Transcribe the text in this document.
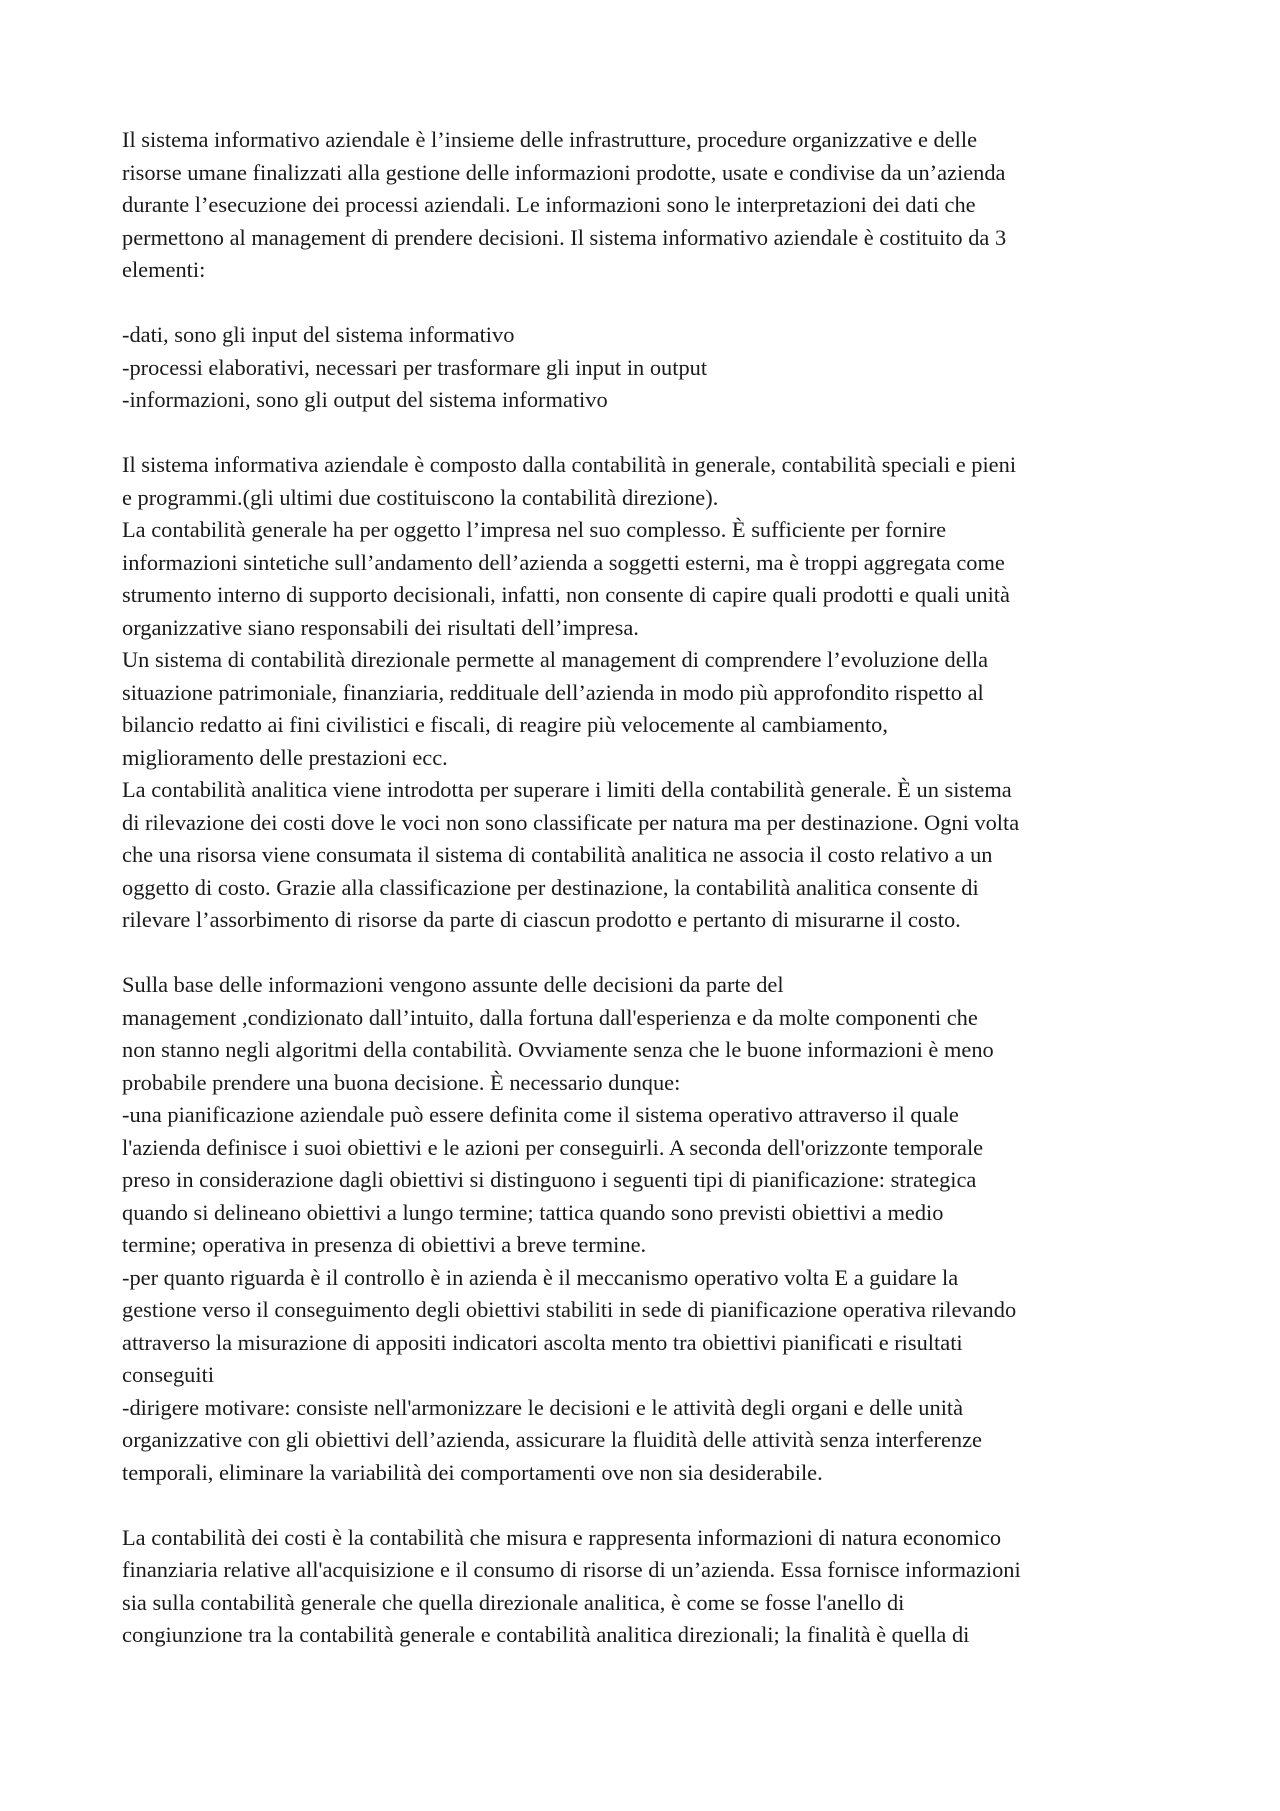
Il sistema informativo aziendale è l’insieme delle infrastrutture, procedure organizzative e delle
risorse umane finalizzati alla gestione delle informazioni prodotte, usate e condivise da un’azienda
durante l’esecuzione dei processi aziendali. Le informazioni sono le interpretazioni dei dati che
permettono al management di prendere decisioni. Il sistema informativo aziendale è costituito da 3
elementi:
-dati, sono gli input del sistema informativo
-processi elaborativi, necessari per trasformare gli input in output
-informazioni, sono gli output del sistema informativo
Il sistema informativa aziendale è composto dalla contabilità in generale, contabilità speciali e pieni
e programmi.(gli ultimi due costituiscono la contabilità direzione).
La contabilità generale ha per oggetto l’impresa nel suo complesso. È sufficiente per fornire
informazioni sintetiche sull’andamento dell’azienda a soggetti esterni, ma è troppi aggregata come
strumento interno di supporto decisionali, infatti, non consente di capire quali prodotti e quali unità
organizzative siano responsabili dei risultati dell’impresa.
Un sistema di contabilità direzionale permette al management di comprendere l’evoluzione della
situazione patrimoniale, finanziaria, reddituale dell’azienda in modo più approfondito rispetto al
bilancio redatto ai fini civilistici e fiscali, di reagire più velocemente al cambiamento,
miglioramento delle prestazioni ecc.
La contabilità analitica viene introdotta per superare i limiti della contabilità generale. È un sistema
di rilevazione dei costi dove le voci non sono classificate per natura ma per destinazione. Ogni volta
che una risorsa viene consumata il sistema di contabilità analitica ne associa il costo relativo a un
oggetto di costo. Grazie alla classificazione per destinazione, la contabilità analitica consente di
rilevare l’assorbimento di risorse da parte di ciascun prodotto e pertanto di misurarne il costo.
Sulla base delle informazioni vengono assunte delle decisioni da parte del
management ,condizionato dall’intuito, dalla fortuna dall'esperienza e da molte componenti che
non stanno negli algoritmi della contabilità. Ovviamente senza che le buone informazioni è meno
probabile prendere una buona decisione. È necessario dunque:
-una pianificazione aziendale può essere definita come il sistema operativo attraverso il quale
l'azienda definisce i suoi obiettivi e le azioni per conseguirli. A seconda dell'orizzonte temporale
preso in considerazione dagli obiettivi si distinguono i seguenti tipi di pianificazione: strategica
quando si delineano obiettivi a lungo termine; tattica quando sono previsti obiettivi a medio
termine; operativa in presenza di obiettivi a breve termine.
-per quanto riguarda è il controllo è in azienda è il meccanismo operativo volta E a guidare la
gestione verso il conseguimento degli obiettivi stabiliti in sede di pianificazione operativa rilevando
attraverso la misurazione di appositi indicatori ascolta mento tra obiettivi pianificati e risultati
conseguiti
-dirigere motivare: consiste nell'armonizzare le decisioni e le attività degli organi e delle unità
organizzative con gli obiettivi dell’azienda, assicurare la fluidità delle attività senza interferenze
temporali, eliminare la variabilità dei comportamenti ove non sia desiderabile.
La contabilità dei costi è la contabilità che misura e rappresenta informazioni di natura economico
finanziaria relative all'acquisizione e il consumo di risorse di un’azienda. Essa fornisce informazioni
sia sulla contabilità generale che quella direzionale analitica, è come se fosse l'anello di
congiunzione tra la contabilità generale e contabilità analitica direzionali; la finalità è quella di
